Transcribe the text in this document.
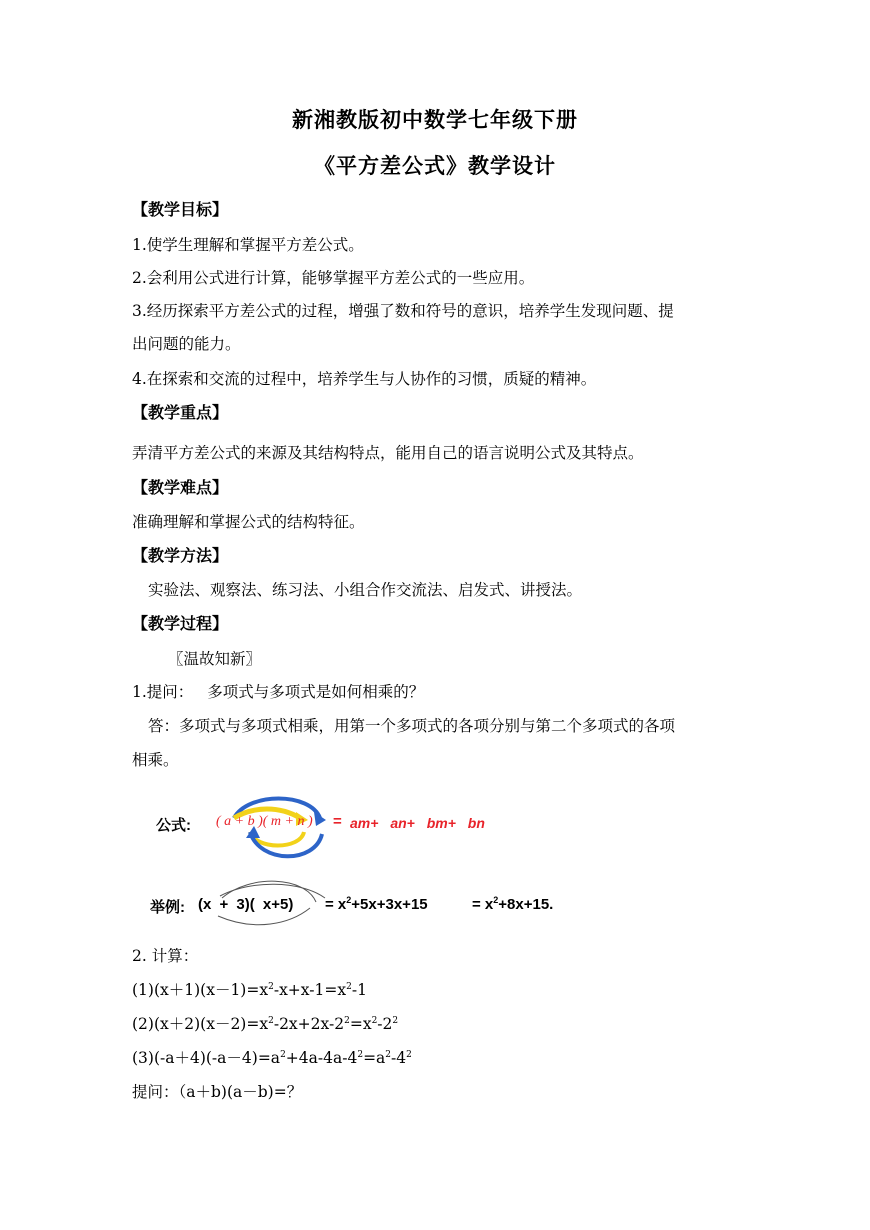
新湘教版初中数学七年级下册
《平方差公式》教学设计
【教学目标】
1.使学生理解和掌握平方差公式。
2.会利用公式进行计算，能够掌握平方差公式的一些应用。
3.经历探索平方差公式的过程，增强了数和符号的意识，培养学生发现问题、提
出问题的能力。
4.在探索和交流的过程中，培养学生与人协作的习惯，质疑的精神。
【教学重点】
弄清平方差公式的来源及其结构特点，能用自己的语言说明公式及其特点。
【教学难点】
准确理解和掌握公式的结构特征。
【教学方法】
实验法、观察法、练习法、小组合作交流法、启发式、讲授法。
【教学过程】
〖温故知新〗
1.提问： 多项式与多项式是如何相乘的？
答：多项式与多项式相乘，用第一个多项式的各项分别与第二个多项式的各项
相乘。
公式: ( a + b )( m + n ) = am+ an+ bm+ bn
举例: (x + 3)( $x+5) = x^2+5x+3x+15$	= $x^2+8x+15$.
2. 计算：
$(1)(x+1)(x-1)=x^2-x+x-1=x^2-1$
$(2)(x+2)(x-2)=x^2-2x+2x-2^2=x^2-2^2$
$(3)(-a+4)(-a-4)=a^2+4a-4a-4^2=a^2-4^2$
提问：（a＋b)(a－b)=？
